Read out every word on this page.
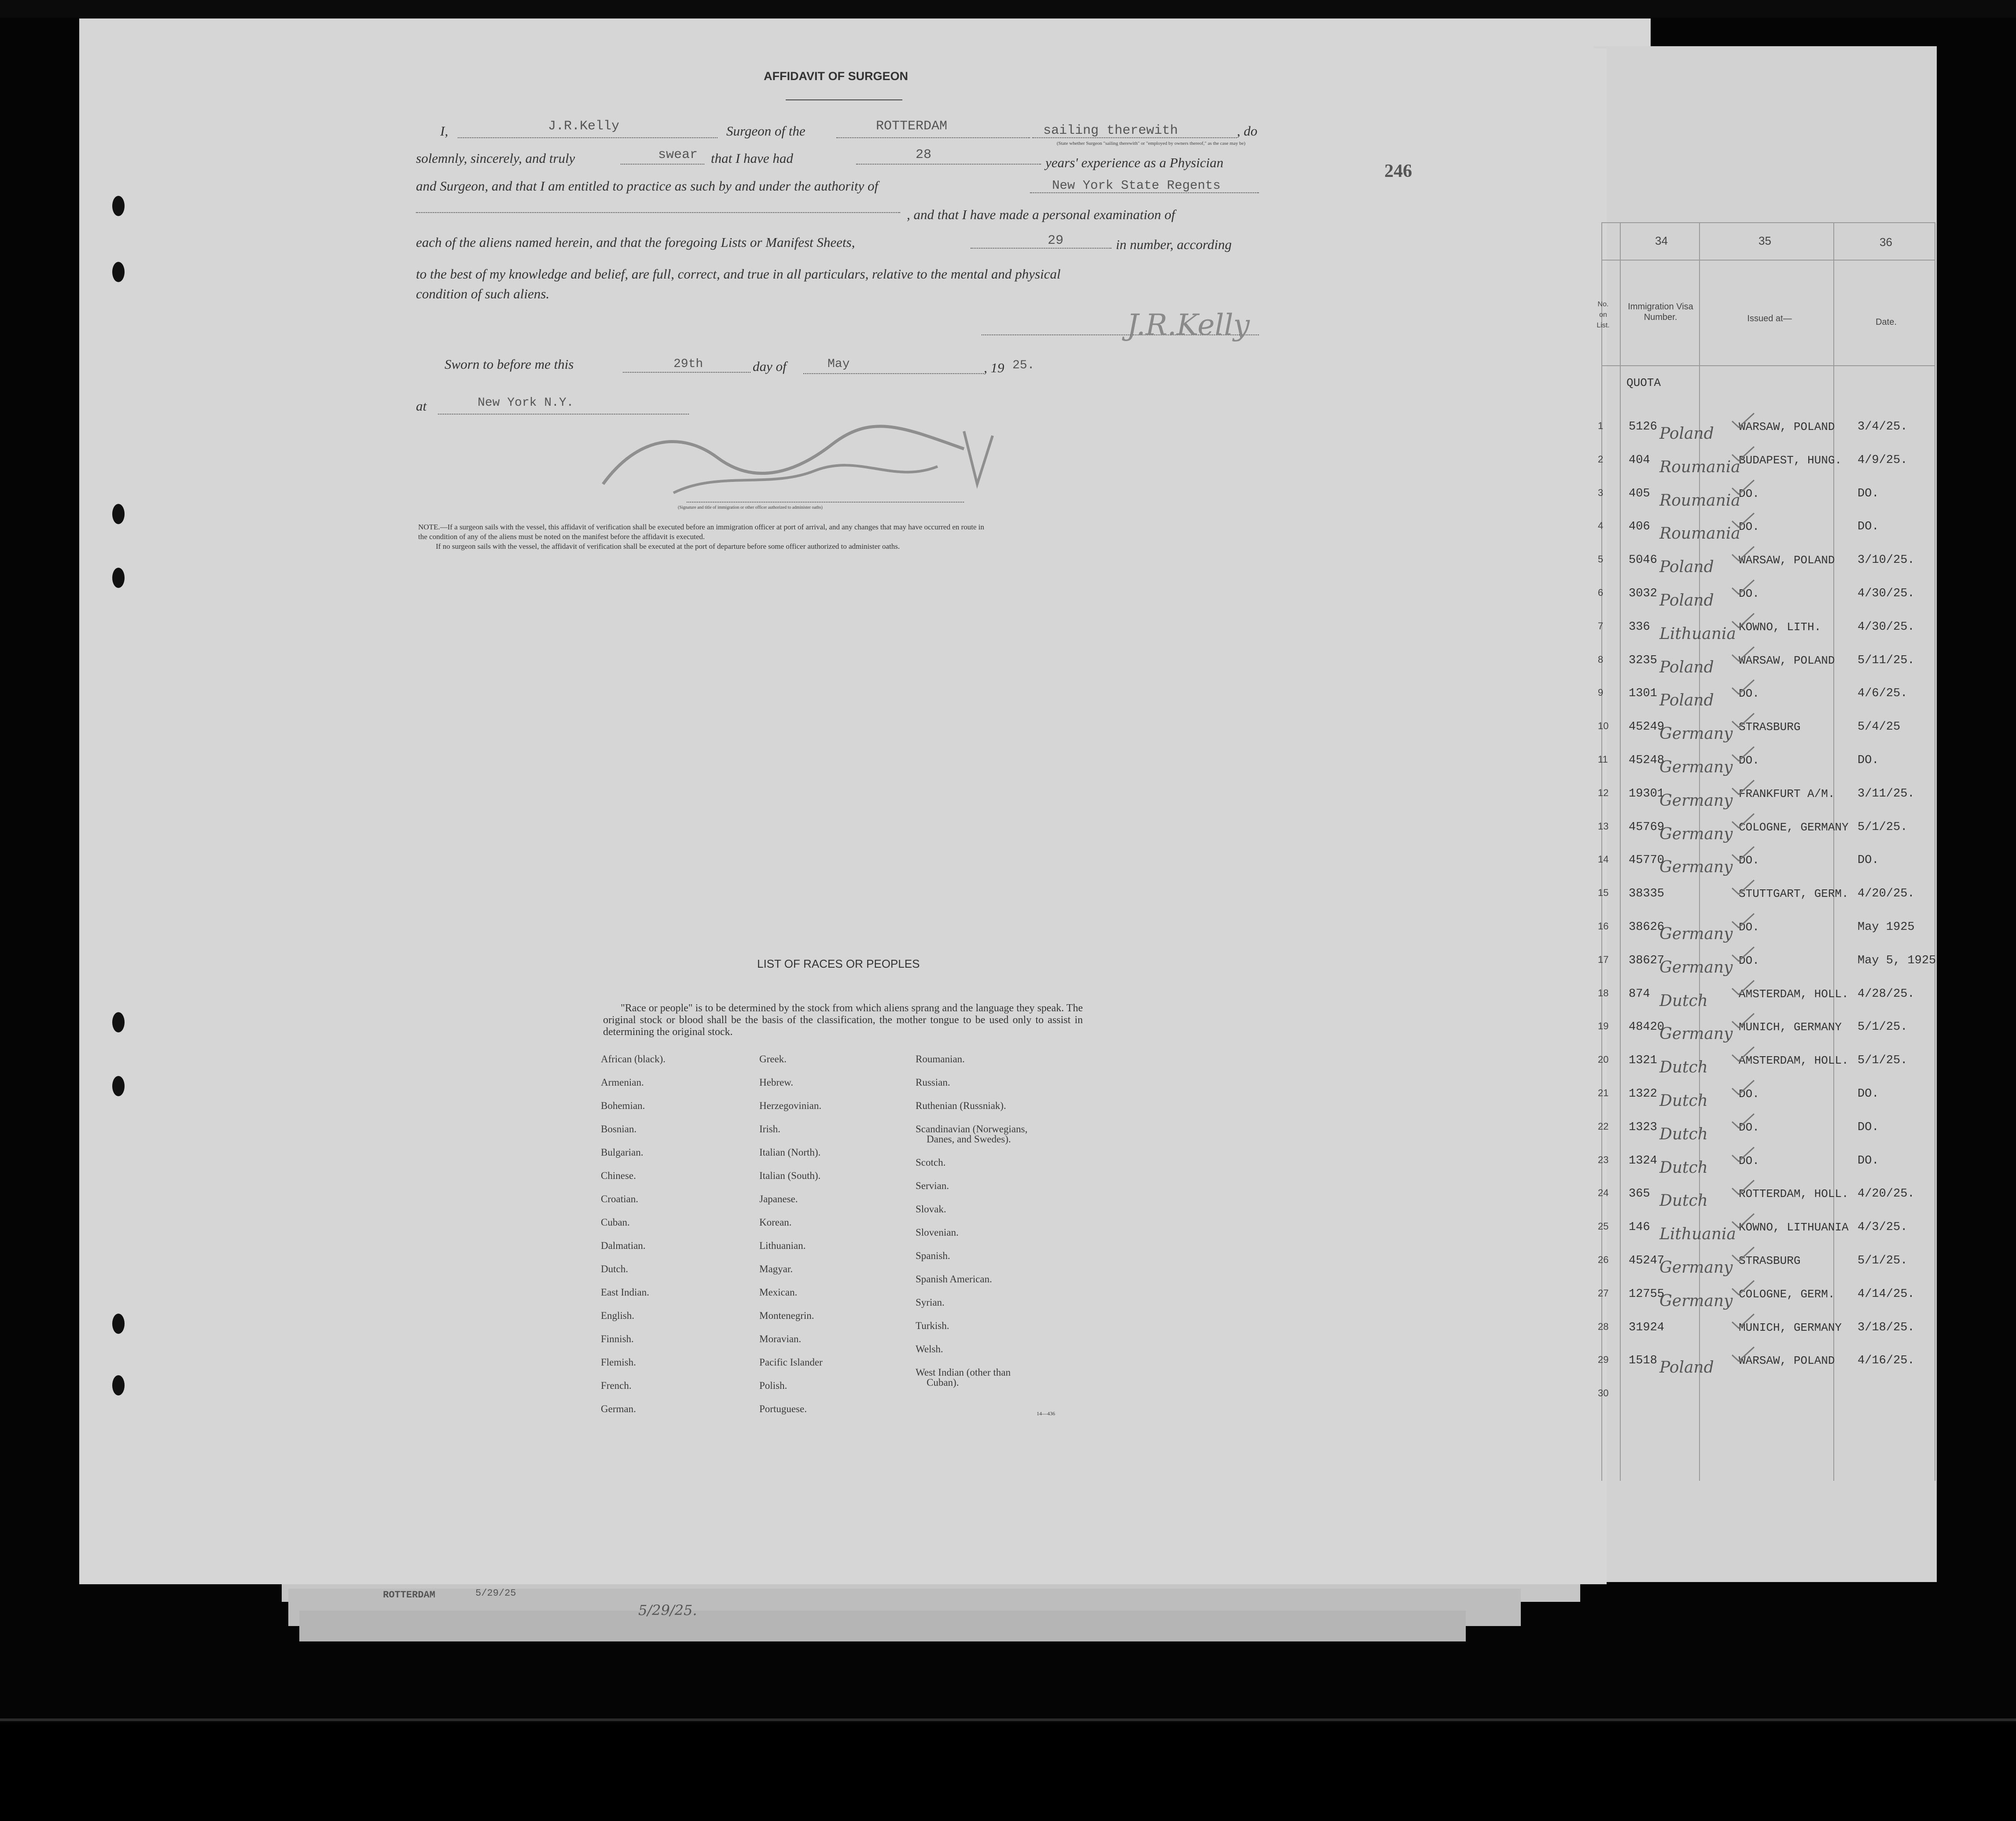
ROTTERDAM	5/29/25
5/29/25.
AFFIDAVIT OF SURGEON
I,	J.R.Kelly	Surgeon of the	ROTTERDAM	sailing therewith	, do
(State whether Surgeon "sailing therewith" or "employed by owners thereof," as the case may be)
solemnly, sincerely, and truly	swear that I have had	28	years' experience as a Physician
and Surgeon, and that I am entitled to practice as such by and under the authority of	New York State Regents
, and that I have made a personal examination of
each of the aliens named herein, and that the foregoing Lists or Manifest Sheets,	29	in number, according
to the best of my knowledge and belief, are full, correct, and true in all particulars, relative to the mental and physical
condition of such aliens.
J.R.Kelly
Sworn to before me this	29th	day of	May	, 19 25.
at	New York N.Y.
(Signature and title of immigration or other officer authorized to administer oaths)
NOTE.—If a surgeon sails with the vessel, this affidavit of verification shall be executed before an immigration officer at port of arrival, and any changes that may have occurred en route in
the condition of any of the aliens must be noted on the manifest before the affidavit is executed.
If no surgeon sails with the vessel, the affidavit of verification shall be executed at the port of departure before some officer authorized to administer oaths.
246
LIST OF RACES OR PEOPLES
"Race or people" is to be determined by the stock from which aliens sprang and the language they speak. The original stock or blood shall be the basis of the classification, the mother tongue to be used only to assist in determining the original stock.
African (black).
Armenian.
Bohemian.
Bosnian.
Bulgarian.
Chinese.
Croatian.
Cuban.
Dalmatian.
Dutch.
East Indian.
English.
Finnish.
Flemish.
French.
German.
Greek.
Hebrew.
Herzegovinian.
Irish.
Italian (North).
Italian (South).
Japanese.
Korean.
Lithuanian.
Magyar.
Mexican.
Montenegrin.
Moravian.
Pacific Islander
Polish.
Portuguese.
Roumanian.
Russian.
Ruthenian (Russniak).
Scandinavian (Norwegians,
Danes, and Swedes).
Scotch.
Servian.
Slovak.
Slovenian.
Spanish.
Spanish American.
Syrian.
Turkish.
Welsh.
West Indian (other than
Cuban).
14—436
34	35	36
No. on List.
Immigration Visa Number.	Issued at—	Date.
QUOTA
1 5126	WARSAW, POLAND 3/4/25.
Poland
2 404	BUDAPEST, HUNG. 4/9/25.
Roumania
3 405	DO.	DO.
Roumania
4 406	DO.	DO.
Roumania
5 5046	WARSAW, POLAND 3/10/25.
Poland
6 3032	DO.	4/30/25.
Poland
7 336	KOWNO, LITH.	4/30/25.
Lithuania
8 3235	WARSAW, POLAND 5/11/25.
Poland
9 1301	DO.	4/6/25.
Poland
10 45249	STRASBURG	5/4/25
Germany
11 45248	DO.	DO.
Germany
12 19301	FRANKFURT A/M. 3/11/25.
Germany
13 45769	COLOGNE, GERMANY 5/1/25.
Germany
14 45770	DO.	DO.
Germany
15 38335	STUTTGART, GERM. 4/20/25.
16 38626	DO.	May 1925
Germany
17 38627	DO.	May 5, 1925
Germany
18 874	AMSTERDAM, HOLL. 4/28/25.
Dutch
19 48420	MUNICH, GERMANY 5/1/25.
Germany
20 1321	AMSTERDAM, HOLL. 5/1/25.
Dutch
21 1322	DO.	DO.
Dutch
22 1323	DO.	DO.
Dutch
23 1324	DO.	DO.
Dutch
24 365	ROTTERDAM, HOLL. 4/20/25.
Dutch
25 146	KOWNO, LITHUANIA 4/3/25.
Lithuania
26 45247	STRASBURG	5/1/25.
Germany
27 12755	COLOGNE, GERM. 4/14/25.
Germany
28 31924	MUNICH, GERMANY 3/18/25.
29 1518	WARSAW, POLAND 4/16/25.
Poland
30
